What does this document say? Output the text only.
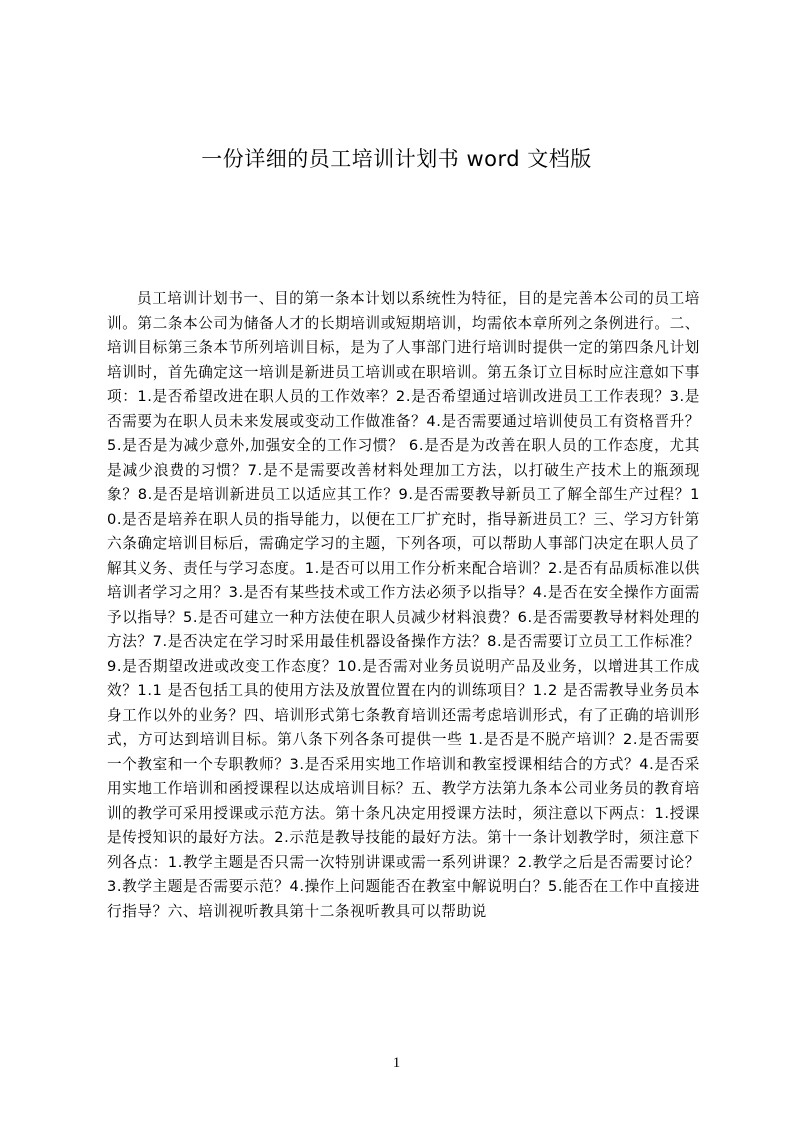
一份详细的员工培训计划书 word 文档版
员工培训计划书一、目的第一条本计划以系统性为特征，目的是完善本公司的员工培训。第二条本公司为储备人才的长期培训或短期培训，均需依本章所列之条例进行。二、培训目标第三条本节所列培训目标，是为了人事部门进行培训时提供一定的第四条凡计划培训时，首先确定这一培训是新进员工培训或在职培训。第五条订立目标时应注意如下事项：1.是否希望改进在职人员的工作效率？2.是否希望通过培训改进员工工作表现？3.是否需要为在职人员未来发展或变动工作做准备？4.是否需要通过培训使员工有资格晋升？5.是否是为减少意外,加强安全的工作习惯？ 6.是否是为改善在职人员的工作态度，尤其是减少浪费的习惯？7.是不是需要改善材料处理加工方法，以打破生产技术上的瓶颈现象？8.是否是培训新进员工以适应其工作？9.是否需要教导新员工了解全部生产过程？10.是否是培养在职人员的指导能力，以便在工厂扩充时，指导新进员工？三、学习方针第六条确定培训目标后，需确定学习的主题，下列各项，可以帮助人事部门决定在职人员了解其义务、责任与学习态度。1.是否可以用工作分析来配合培训？2.是否有品质标准以供培训者学习之用？3.是否有某些技术或工作方法必须予以指导？4.是否在安全操作方面需予以指导？5.是否可建立一种方法使在职人员减少材料浪费？6.是否需要教导材料处理的方法？7.是否决定在学习时采用最佳机器设备操作方法？8.是否需要订立员工工作标准？9.是否期望改进或改变工作态度？10.是否需对业务员说明产品及业务，以增进其工作成效？1.1 是否包括工具的使用方法及放置位置在内的训练项目？1.2 是否需教导业务员本身工作以外的业务？四、培训形式第七条教育培训还需考虑培训形式，有了正确的培训形式，方可达到培训目标。第八条下列各条可提供一些 1.是否是不脱产培训？2.是否需要一个教室和一个专职教师？3.是否采用实地工作培训和教室授课相结合的方式？4.是否采用实地工作培训和函授课程以达成培训目标？五、教学方法第九条本公司业务员的教育培训的教学可采用授课或示范方法。第十条凡决定用授课方法时，须注意以下两点：1.授课是传授知识的最好方法。2.示范是教导技能的最好方法。第十一条计划教学时，须注意下列各点：1.教学主题是否只需一次特别讲课或需一系列讲课？2.教学之后是否需要讨论？3.教学主题是否需要示范？4.操作上问题能否在教室中解说明白？5.能否在工作中直接进行指导？六、培训视听教具第十二条视听教具可以帮助说
1
